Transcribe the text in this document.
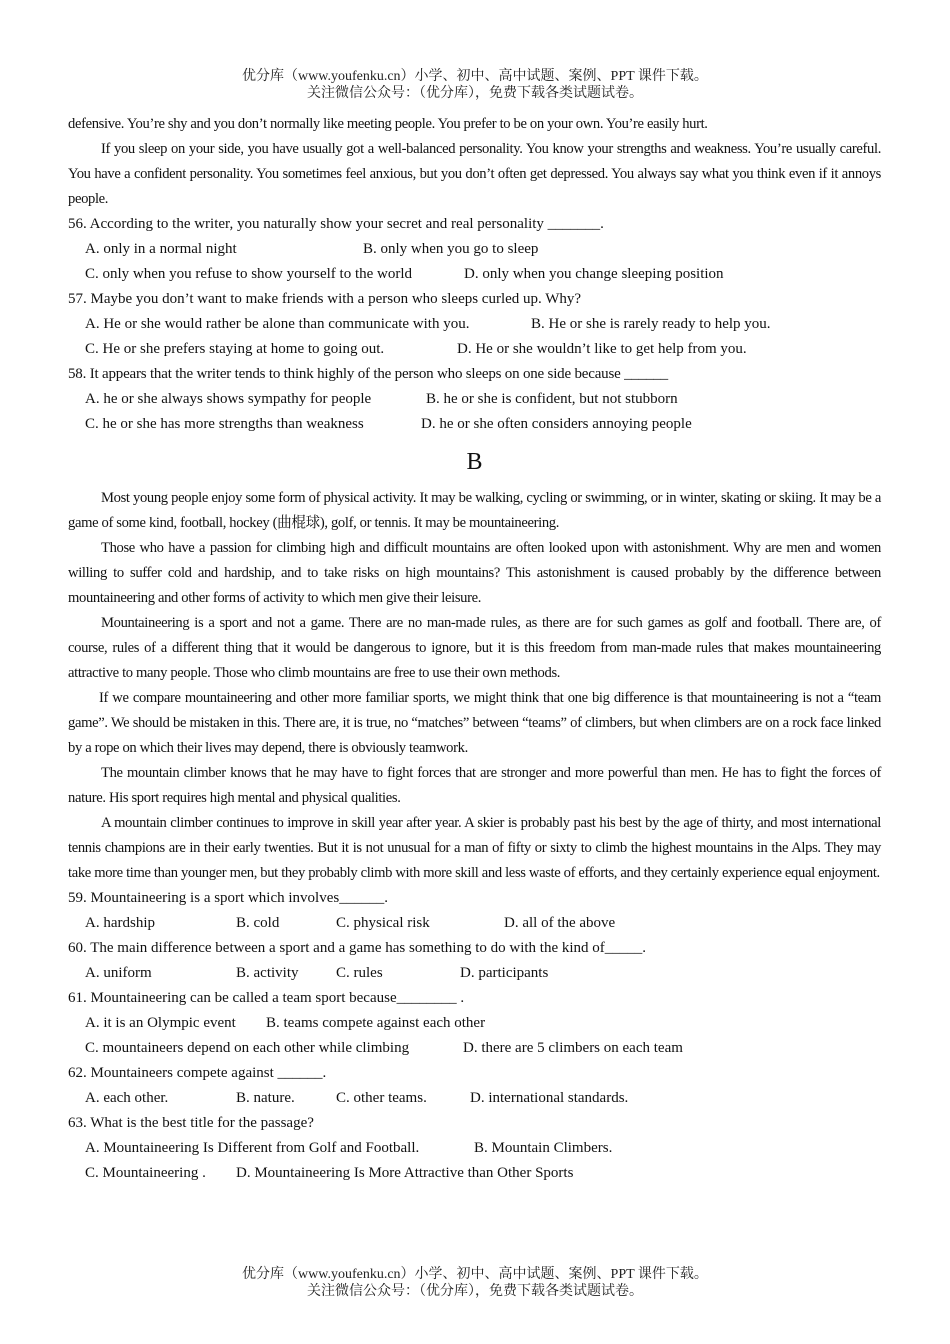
优分库（www.youfenku.cn）小学、初中、高中试题、案例、PPT 课件下载。
关注微信公众号：（优分库），免费下载各类试题试卷。

defensive. You’re shy and you don’t normally like meeting people. You prefer to be on your own. You’re easily hurt.

If you sleep on your side, you have usually got a well-balanced personality. You know your strengths and weakness. You’re usually careful. You have a confident personality. You sometimes feel anxious, but you don’t often get depressed. You always say what you think even if it annoys people.

56. According to the writer, you naturally show your secret and real personality _______.

A. only in a normal night	B. only when you go to sleep
C. only when you refuse to show yourself to the world	D. only when you change sleeping position

57. Maybe you don’t want to make friends with a person who sleeps curled up. Why?

A. He or she would rather be alone than communicate with you.	B. He or she is rarely ready to help you.
C. He or she prefers staying at home to going out.	D. He or she wouldn’t like to get help from you.

58. It appears that the writer tends to think highly of the person who sleeps on one side because ______

A. he or she always shows sympathy for people	B. he or she is confident, but not stubborn
C. he or she has more strengths than weakness	D. he or she often considers annoying people
B

Most young people enjoy some form of physical activity. It may be walking, cycling or swimming, or in winter, skating or skiing. It may be a game of some kind, football, hockey (曲棍球), golf, or tennis. It may be mountaineering.

Those who have a passion for climbing high and difficult mountains are often looked upon with astonishment. Why are men and women willing to suffer cold and hardship, and to take risks on high mountains? This astonishment is caused probably by the difference between mountaineering and other forms of activity to which men give their leisure.

Mountaineering is a sport and not a game. There are no man-made rules, as there are for such games as golf and football. There are, of course, rules of a different thing that it would be dangerous to ignore, but it is this freedom from man-made rules that makes mountaineering attractive to many people. Those who climb mountains are free to use their own methods.

If we compare mountaineering and other more familiar sports, we might think that one big difference is that mountaineering is not a “team game”. We should be mistaken in this. There are, it is true, no “matches” between “teams” of climbers, but when climbers are on a rock face linked by a rope on which their lives may depend, there is obviously teamwork.

The mountain climber knows that he may have to fight forces that are stronger and more powerful than men. He has to fight the forces of nature. His sport requires high mental and physical qualities.

A mountain climber continues to improve in skill year after year. A skier is probably past his best by the age of thirty, and most international tennis champions are in their early twenties. But it is not unusual for a man of fifty or sixty to climb the highest mountains in the Alps. They may take more time than younger men, but they probably climb with more skill and less waste of efforts, and they certainly experience equal enjoyment.

59. Mountaineering is a sport which involves______.

A. hardship	B. cold	C. physical risk	D. all of the above

60. The main difference between a sport and a game has something to do with the kind of_____.

A. uniform	B. activity	C. rules	D. participants

61. Mountaineering can be called a team sport because________ .

A. it is an Olympic event B. teams compete against each other
C. mountaineers depend on each other while climbing	D. there are 5 climbers on each team

62. Mountaineers compete against ______.

A. each other.	B. nature.	C. other teams.	D. international standards.

63. What is the best title for the passage?

A. Mountaineering Is Different from Golf and Football.	B. Mountain Climbers.
C. Mountaineering . D. Mountaineering Is More Attractive than Other Sports
优分库（www.youfenku.cn）小学、初中、高中试题、案例、PPT 课件下载。
关注微信公众号：（优分库），免费下载各类试题试卷。
